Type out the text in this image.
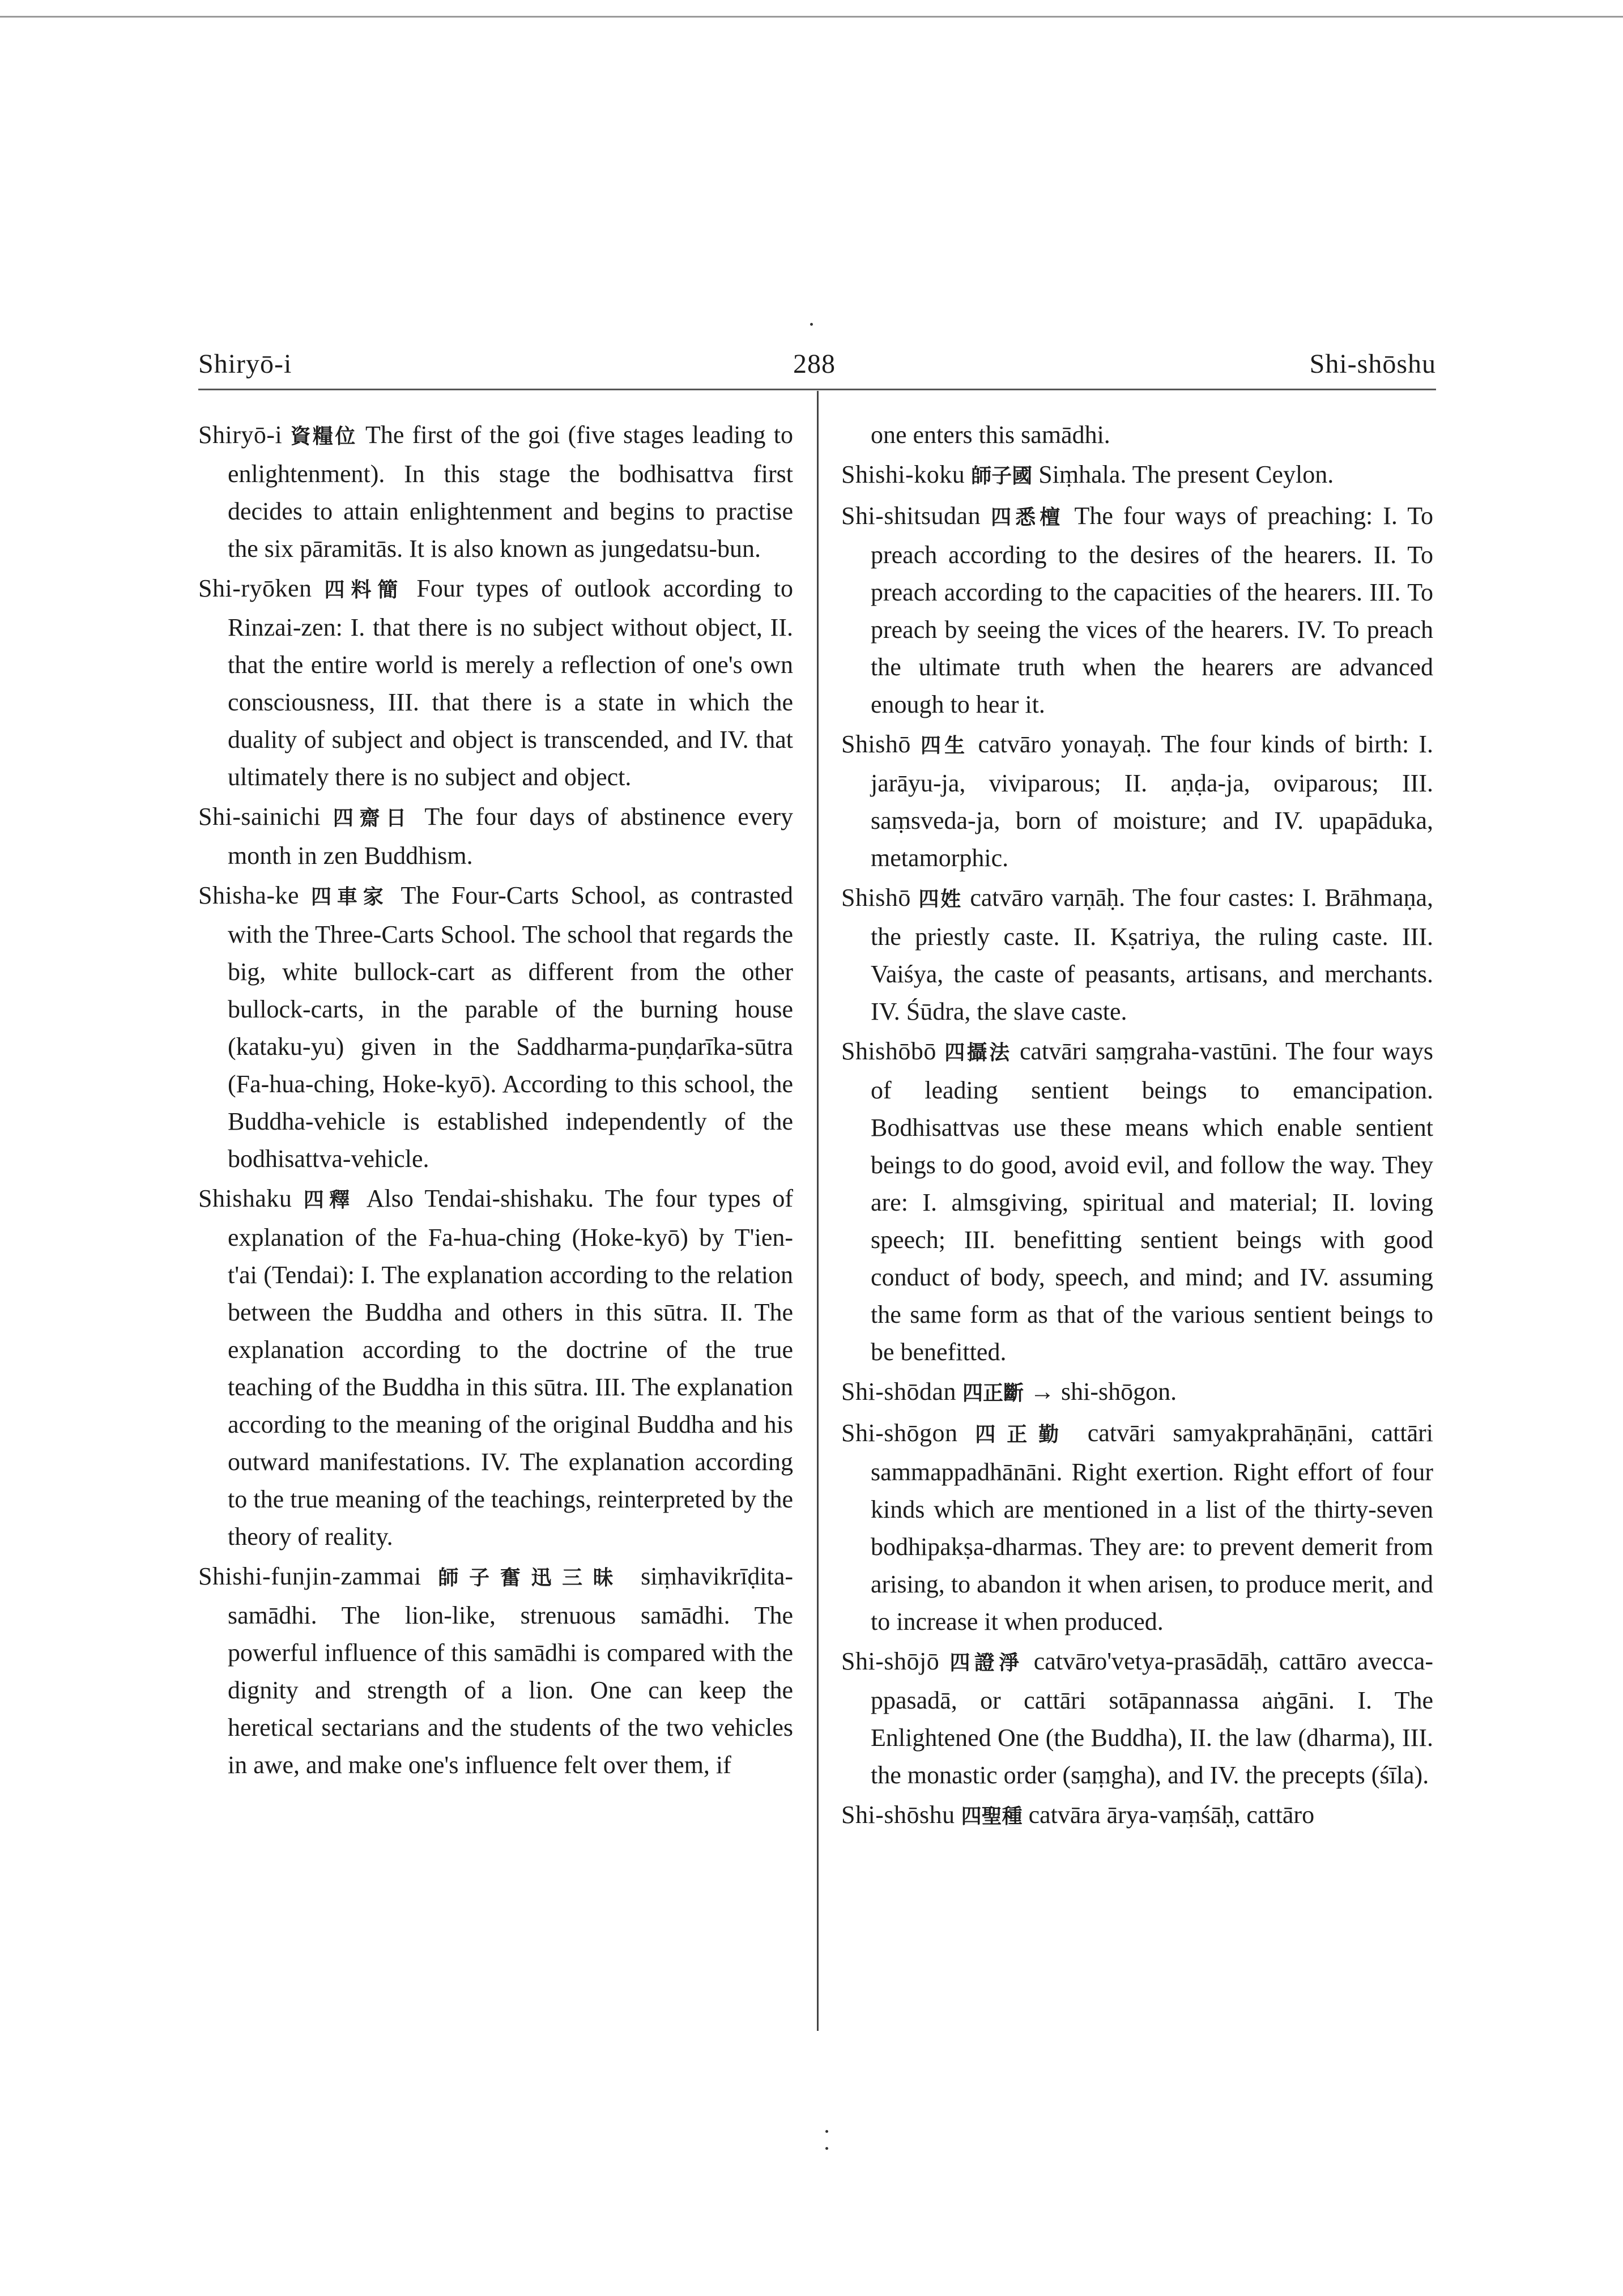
Shiryō-i	288	Shi-shōshu

Shiryō-i 資糧位 The first of the goi (five stages leading to enlightenment). In this stage the bodhisattva first decides to attain enlightenment and begins to practise the six pāramitās. It is also known as jungedatsu-bun.

Shi-ryōken 四料簡 Four types of outlook according to Rinzai-zen: I. that there is no subject without object, II. that the entire world is merely a reflection of one's own consciousness, III. that there is a state in which the duality of subject and object is transcended, and IV. that ultimately there is no subject and object.

Shi-sainichi 四齋日 The four days of abstinence every month in zen Buddhism.

Shisha-ke 四車家 The Four-Carts School, as contrasted with the Three-Carts School. The school that regards the big, white bullock-cart as different from the other bullock-carts, in the parable of the burning house (kataku-yu) given in the Saddharma-puṇḍarīka-sūtra (Fa-hua-ching, Hoke-kyō). According to this school, the Buddha-vehicle is established independently of the bodhisattva-vehicle.

Shishaku 四釋 Also Tendai-shishaku. The four types of explanation of the Fa-hua-ching (Hoke-kyō) by T'ien-t'ai (Tendai): I. The explanation according to the relation between the Buddha and others in this sūtra. II. The explanation according to the doctrine of the true teaching of the Buddha in this sūtra. III. The explanation according to the meaning of the original Buddha and his outward manifestations. IV. The explanation according to the true meaning of the teachings, reinterpreted by the theory of reality.

Shishi-funjin-zammai 師子奮迅三昧 siṃhavikrīḍita-samādhi. The lion-like, strenuous samādhi. The powerful influence of this samādhi is compared with the dignity and strength of a lion. One can keep the heretical sectarians and the students of the two vehicles in awe, and make one's influence felt over them, if

one enters this samādhi.

Shishi-koku 師子國 Siṃhala. The present Ceylon.

Shi-shitsudan 四悉檀 The four ways of preaching: I. To preach according to the desires of the hearers. II. To preach according to the capacities of the hearers. III. To preach by seeing the vices of the hearers. IV. To preach the ultimate truth when the hearers are advanced enough to hear it.

Shishō 四生 catvāro yonayaḥ. The four kinds of birth: I. jarāyu-ja, viviparous; II. aṇḍa-ja, oviparous; III. saṃsveda-ja, born of moisture; and IV. upapāduka, metamorphic.

Shishō 四姓 catvāro varṇāḥ. The four castes: I. Brāhmaṇa, the priestly caste. II. Kṣatriya, the ruling caste. III. Vaiśya, the caste of peasants, artisans, and merchants. IV. Śūdra, the slave caste.

Shishōbō 四攝法 catvāri saṃgraha-vastūni. The four ways of leading sentient beings to emancipation. Bodhisattvas use these means which enable sentient beings to do good, avoid evil, and follow the way. They are: I. almsgiving, spiritual and material; II. loving speech; III. benefitting sentient beings with good conduct of body, speech, and mind; and IV. assuming the same form as that of the various sentient beings to be benefitted.

Shi-shōdan 四正斷 → shi-shōgon.

Shi-shōgon 四正勤 catvāri samyakprahāṇāni, cattāri sammappadhānāni. Right exertion. Right effort of four kinds which are mentioned in a list of the thirty-seven bodhipakṣa-dharmas. They are: to prevent demerit from arising, to abandon it when arisen, to produce merit, and to increase it when produced.

Shi-shōjō 四證淨 catvāro'vetya-prasādāḥ, cattāro avecca-ppasadā, or cattāri sotāpannassa aṅgāni. I. The Enlightened One (the Buddha), II. the law (dharma), III. the monastic order (saṃgha), and IV. the precepts (śīla).

Shi-shōshu 四聖種 catvāra ārya-vaṃśāḥ, cattāro
